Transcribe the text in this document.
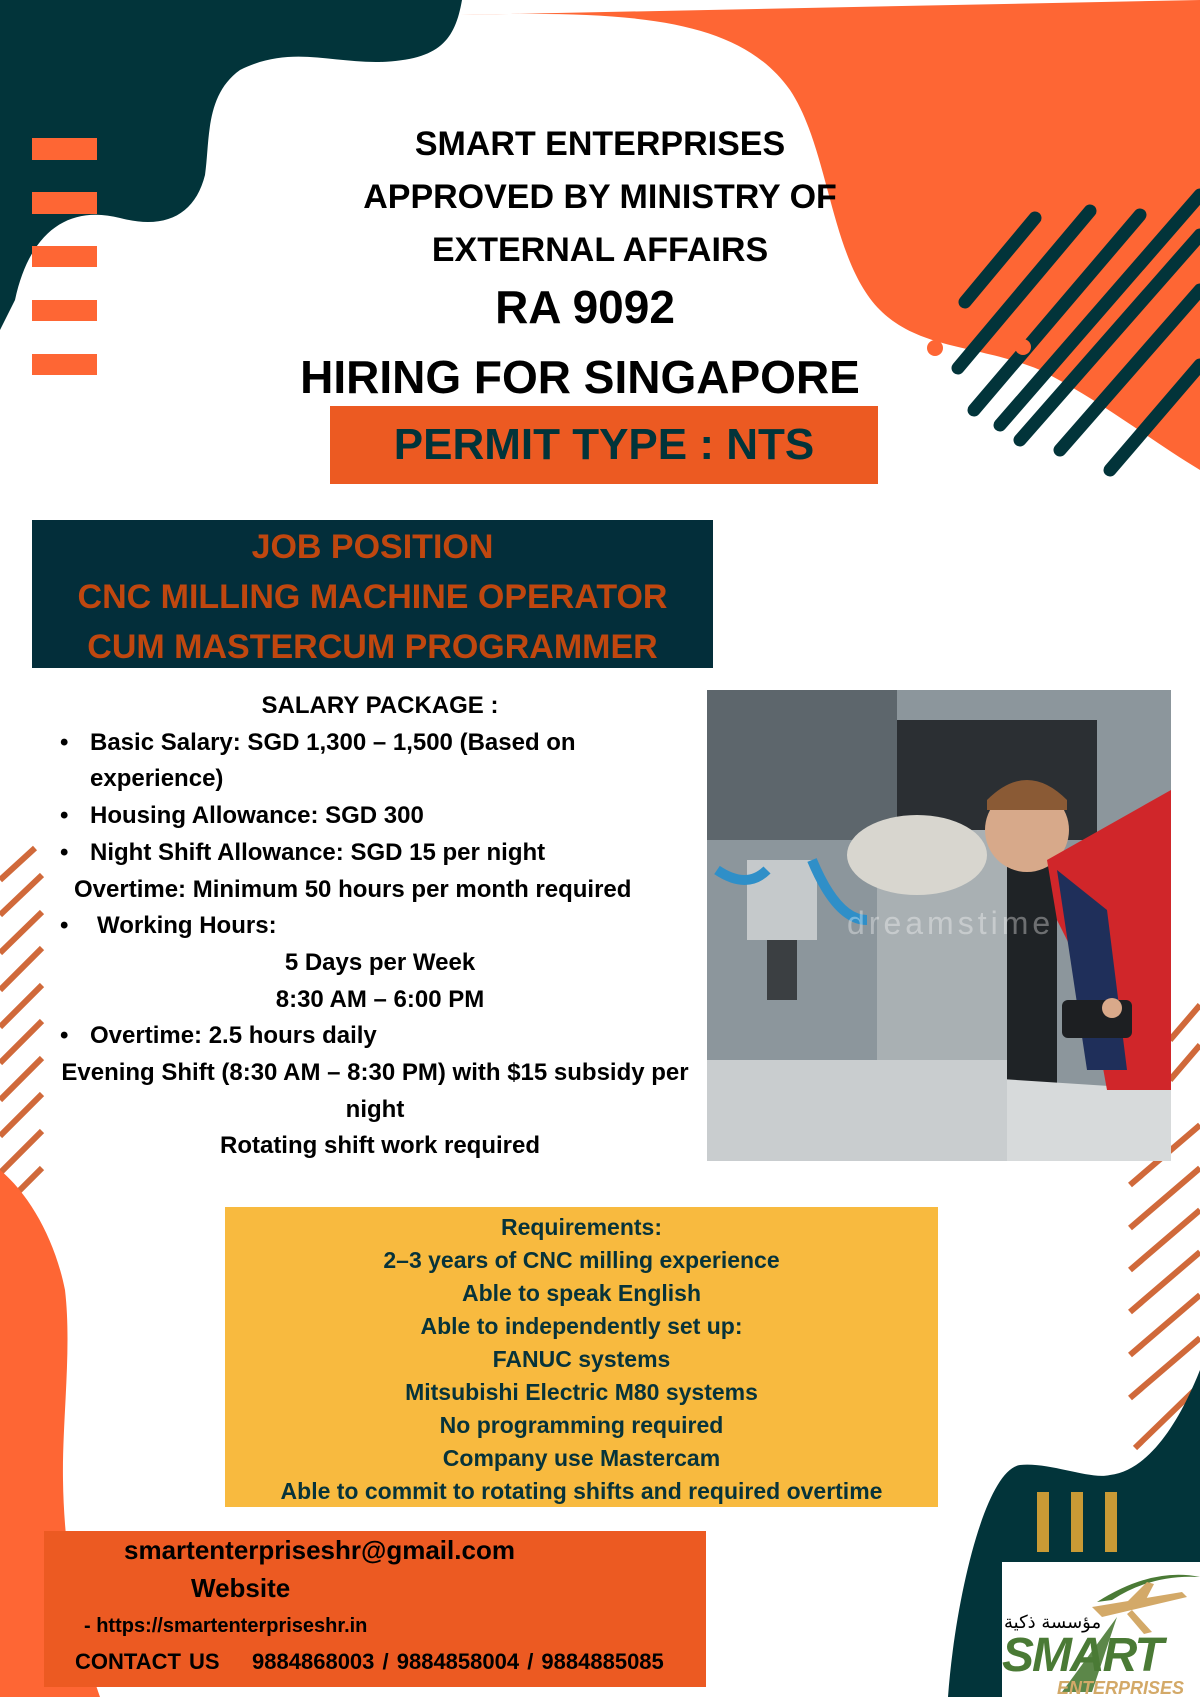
SMART ENTERPRISES
APPROVED BY MINISTRY OF
EXTERNAL AFFAIRS
RA 9092
HIRING FOR SINGAPORE
PERMIT TYPE : NTS
JOB POSITION
CNC MILLING MACHINE OPERATOR
CUM MASTERCUM PROGRAMMER
SALARY PACKAGE :
• Basic Salary: SGD 1,300 – 1,500 (Based on experience)
• Housing Allowance: SGD 300
• Night Shift Allowance: SGD 15 per night
Overtime: Minimum 50 hours per month required
• Working Hours:
5 Days per Week
8:30 AM – 6:00 PM
• Overtime: 2.5 hours daily
Evening Shift (8:30 AM – 8:30 PM) with $15 subsidy per night
Rotating shift work required
dreamstime
Requirements:
2–3 years of CNC milling experience
Able to speak English
Able to independently set up:
FANUC systems
Mitsubishi Electric M80 systems
No programming required
Company use Mastercam
Able to commit to rotating shifts and required overtime
smartenterpriseshr@gmail.com
Website
- https://smartenterpriseshr.in
CONTACT US 9884868003 / 9884858004 / 9884885085
مؤسسة ذكية
SMART
ENTERPRISES
